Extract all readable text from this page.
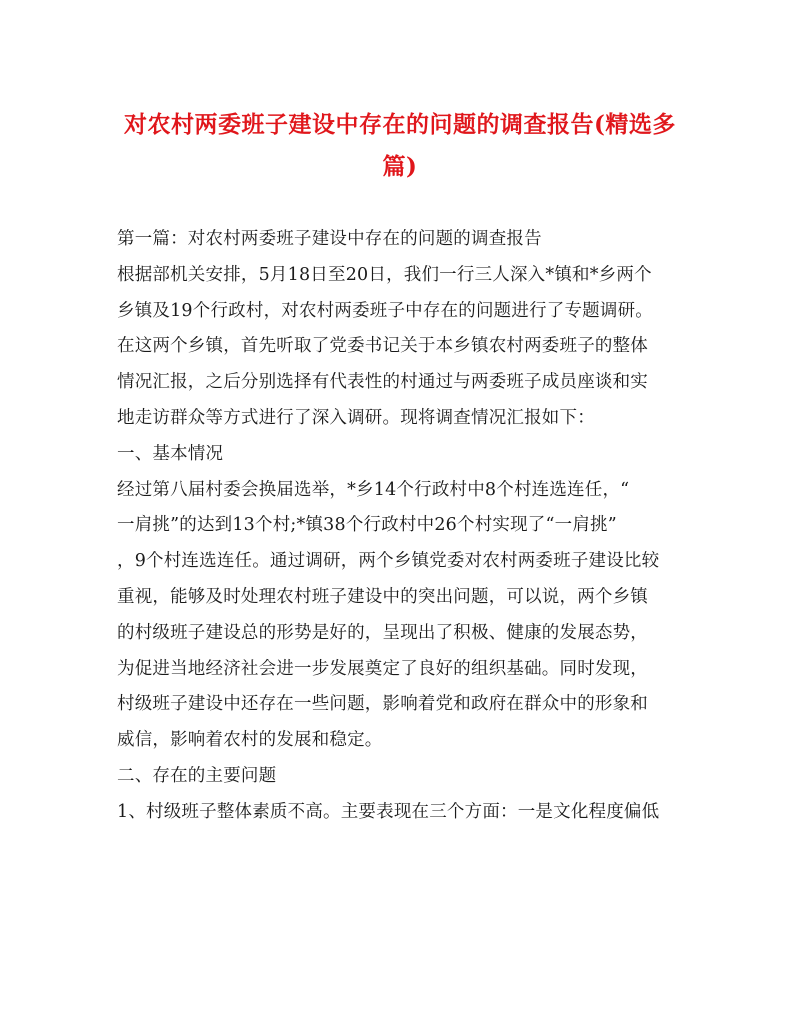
对农村两委班子建设中存在的问题的调查报告(精选多篇)
第一篇：对农村两委班子建设中存在的问题的调查报告
根据部机关安排，5月18日至20日，我们一行三人深入*镇和*乡两个
乡镇及19个行政村，对农村两委班子中存在的问题进行了专题调研。
在这两个乡镇，首先听取了党委书记关于本乡镇农村两委班子的整体
情况汇报，之后分别选择有代表性的村通过与两委班子成员座谈和实
地走访群众等方式进行了深入调研。现将调查情况汇报如下：
一、基本情况
经过第八届村委会换届选举，*乡14个行政村中8个村连选连任，“
一肩挑”的达到13个村;*镇38个行政村中26个村实现了“一肩挑”
，9个村连选连任。通过调研，两个乡镇党委对农村两委班子建设比较
重视，能够及时处理农村班子建设中的突出问题，可以说，两个乡镇
的村级班子建设总的形势是好的，呈现出了积极、健康的发展态势，
为促进当地经济社会进一步发展奠定了良好的组织基础。同时发现，
村级班子建设中还存在一些问题，影响着党和政府在群众中的形象和
威信，影响着农村的发展和稳定。
二、存在的主要问题
1、村级班子整体素质不高。主要表现在三个方面：一是文化程度偏低
